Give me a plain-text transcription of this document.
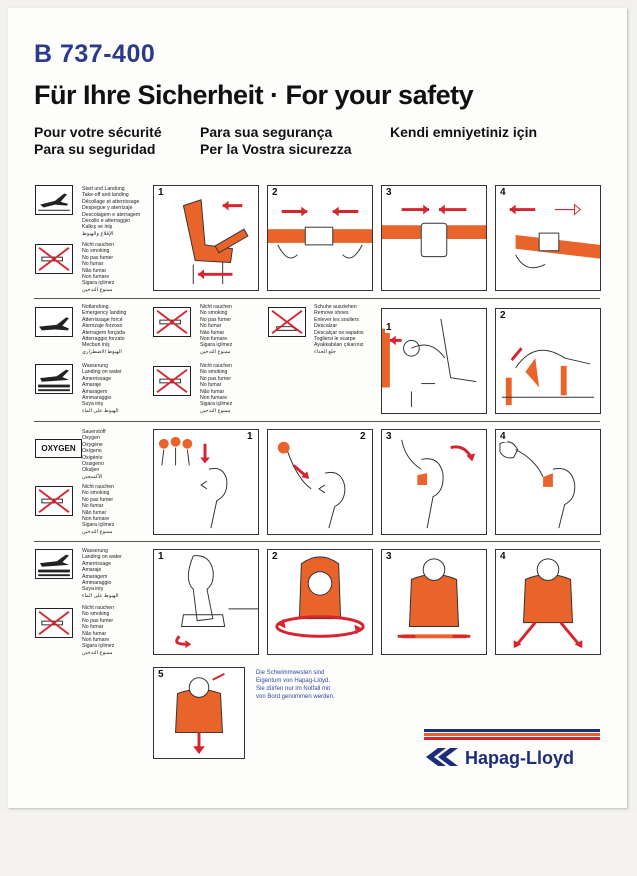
B 737-400
Für Ihre Sicherheit · For your safety
Pour votre sécurité
Para su seguridad
Para sua segurança
Per la Vostra sicurezza
Kendi emniyetiniz için
Start und Landung
Take-off and landing
Décollage et atterrissage
Despegue y aterrizaje
Descolagem e aterragem
Decollo e atterraggio
Kalkış ve iniş
الإقلاع والهبوط
Nicht rauchen
No smoking
No pas fumer
No fumar
Não fumar
Non fumare
Sigara içilmez
ممنوع التدخين
1	2	3	4
Notlandung
Emergency landing
Atterrissage forcé
Aterrizaje forzoso
Aterragem forçada
Atterraggio forzato
Mecburi iniş
الهبوط الاضطراري
Wasserung
Landing on water
Amerrissage
Amaraje
Amaragem
Ammaraggio
Suya iniş
الهبوط على الماء
Nicht rauchen
No smoking
No pas fumer
No fumar
Não fumar
Non fumare
Sigara içilmez
ممنوع التدخين
Nicht rauchen
No smoking
No pas fumer
No fumar
Não fumar
Non fumare
Sigara içilmez
ممنوع التدخين
Schuhe ausziehen
Remove shoes
Enlever les souliers
Descalzar
Descalçar os sapatos
Togliersi le scarpe
Ayakkabıları çıkarınız
خلع الحذاء
1
2
OXYGEN
Sauerstoff
Oxygen
Oxygène
Oxígeno
Oxigénio
Ossigeno
Oksijen
الأكسجين
Nicht rauchen
No smoking
No pas fumer
No fumar
Não fumar
Non fumare
Sigara içilmez
ممنوع التدخين
1	2 3	4
Wasserung
Landing on water
Amerrissage
Amaraje
Amaragem
Ammaraggio
Suya iniş
الهبوط على الماء
Nicht rauchen
No smoking
No pas fumer
No fumar
Não fumar
Non fumare
Sigara içilmez
ممنوع التدخين
1	2	3	4
5	Die Schwimmwesten sind
Eigentum von Hapag-Lloyd.
Sie dürfen nur im Notfall mit
von Bord genommen werden.
Hapag-Lloyd
